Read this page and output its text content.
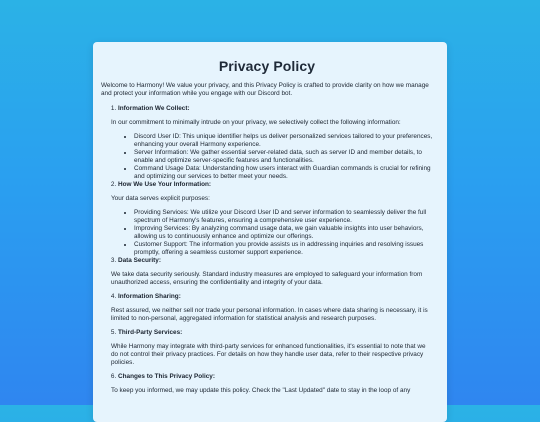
Privacy Policy

Welcome to Harmony! We value your privacy, and this Privacy Policy is crafted to provide clarity on how we manage and protect your information while you engage with our Discord bot.

1. Information We Collect:
In our commitment to minimally intrude on your privacy, we selectively collect the following information:
• Discord User ID: This unique identifier helps us deliver personalized services tailored to your preferences, enhancing your overall Harmony experience.
• Server Information: We gather essential server-related data, such as server ID and member details, to enable and optimize server-specific features and functionalities.
• Command Usage Data: Understanding how users interact with Guardian commands is crucial for refining and optimizing our services to better meet your needs.
2. How We Use Your Information:
Your data serves explicit purposes:
• Providing Services: We utilize your Discord User ID and server information to seamlessly deliver the full spectrum of Harmony's features, ensuring a comprehensive user experience.
• Improving Services: By analyzing command usage data, we gain valuable insights into user behaviors, allowing us to continuously enhance and optimize our offerings.
• Customer Support: The information you provide assists us in addressing inquiries and resolving issues promptly, offering a seamless customer support experience.
3. Data Security:
We take data security seriously. Standard industry measures are employed to safeguard your information from unauthorized access, ensuring the confidentiality and integrity of your data.
4. Information Sharing:
Rest assured, we neither sell nor trade your personal information. In cases where data sharing is necessary, it is limited to non-personal, aggregated information for statistical analysis and research purposes.
5. Third-Party Services:
While Harmony may integrate with third-party services for enhanced functionalities, it's essential to note that we do not control their privacy practices. For details on how they handle user data, refer to their respective privacy policies.
6. Changes to This Privacy Policy:
To keep you informed, we may update this policy. Check the "Last Updated" date to stay in the loop of any
